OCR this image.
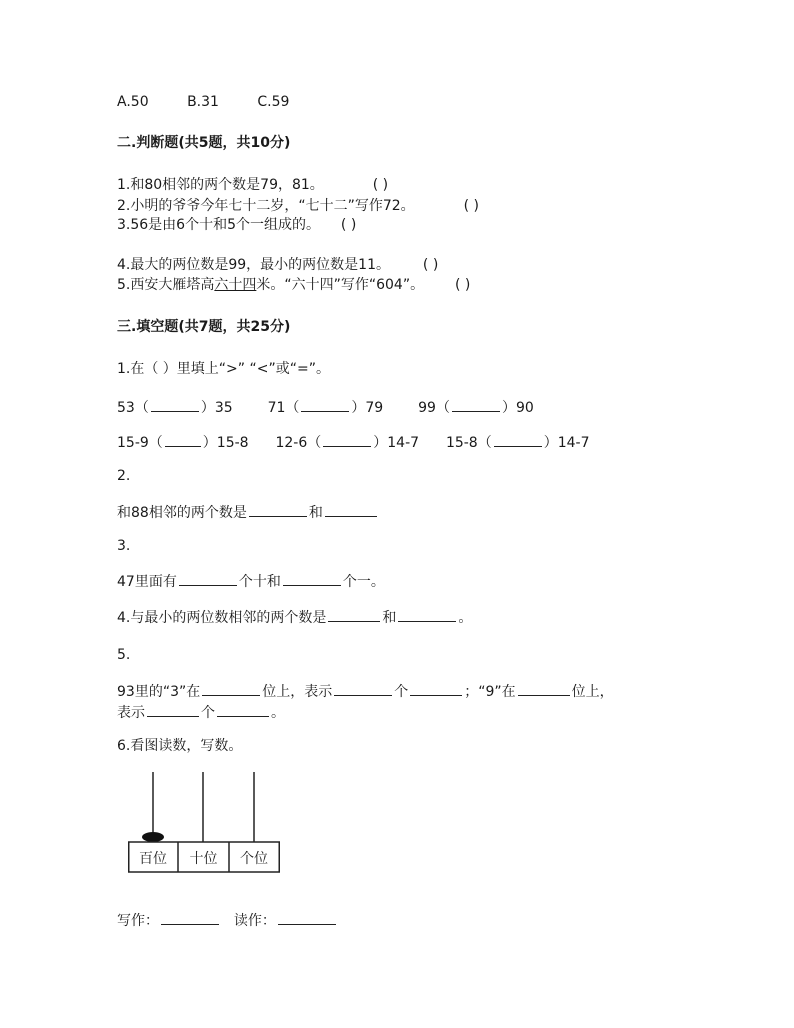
A.50	B.31	C.59
二.判断题(共5题，共10分)
1.和80相邻的两个数是79，81。	( )
2.小明的爷爷今年七十二岁，“七十二”写作72。	( )
3.56是由6个十和5个一组成的。 ( )
4.最大的两位数是99，最小的两位数是11。 ( )
5.西安大雁塔高六十四米。“六十四”写作“604”。 ( )
三.填空题(共7题，共25分)
1.在（ ）里填上“>” “<”或“=”。
53（	）35 71（	）79 99（	）90
15-9（	）15-8 12-6（	）14-7 15-8（	）14-7
2.
和88相邻的两个数是	和
3.
47里面有	个十和	个一。
4.与最小的两位数相邻的两个数是	和	。
5.
93里的“3”在	位上，表示	个	；“9”在	位上，
表示	个	。
6.看图读数，写数。
百位 十位 个位
写作：	读作：
